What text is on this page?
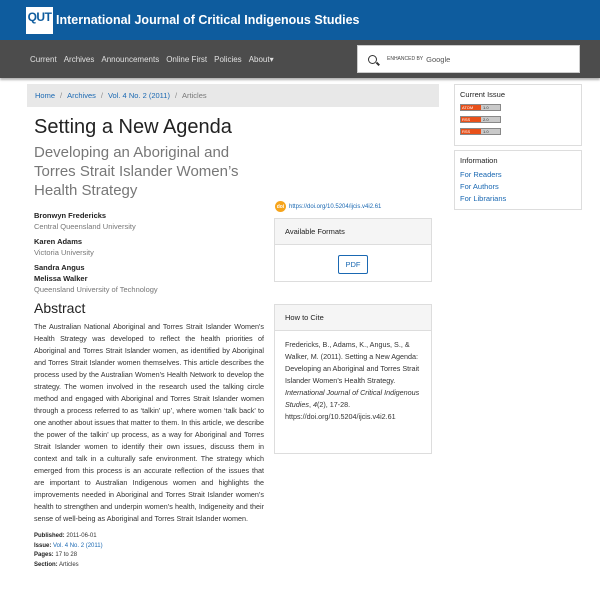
QUT International Journal of Critical Indigenous Studies
Current Archives Announcements Online First Policies About▾	ENHANCED BY Google
Home / Archives / Vol. 4 No. 2 (2011) / Articles
Setting a New Agenda
Developing an Aboriginal and Torres Strait Islander Women’s Health Strategy
Bronwyn Fredericks
Central Queensland University
Karen Adams
Victoria University
Sandra Angus
Melissa Walker
Queensland University of Technology
Abstract
The Australian National Aboriginal and Torres Strait Islander Women’s Health Strategy was developed to reflect the health priorities of Aboriginal and Torres Strait Islander women, as identified by Aboriginal and Torres Strait Islander women themselves. This article describes the process used by the Australian Women’s Health Network to develop the strategy. The women involved in the research used the talking circle method and engaged with Aboriginal and Torres Strait Islander women through a process referred to as ‘talkin’ up’, where women ‘talk back’ to one another about issues that matter to them. In this article, we describe the power of the talkin’ up process, as a way for Aboriginal and Torres Strait Islander women to identify their own issues, discuss them in context and talk in a culturally safe environment. The strategy which emerged from this process is an accurate reflection of the issues that are important to Australian Indigenous women and highlights the improvements needed in Aboriginal and Torres Strait Islander women’s health to strengthen and underpin women’s health, Indigeneity and their sense of well-being as Aboriginal and Torres Strait Islander women.
Published: 2011-06-01
Issue: Vol. 4 No. 2 (2011)
Pages: 17 to 28
Section: Articles
doi https://doi.org/10.5204/ijcis.v4i2.61
Available Formats
PDF
How to Cite
Fredericks, B., Adams, K., Angus, S., & Walker, M. (2011). Setting a New Agenda: Developing an Aboriginal and Torres Strait Islander Women’s Health Strategy. International Journal of Critical Indigenous Studies, 4(2), 17-28. https://doi.org/10.5204/ijcis.v4i2.61
Current Issue
ATOM	1.0
RSS	2.0
RSS	1.0
Information
For Readers
For Authors
For Librarians
